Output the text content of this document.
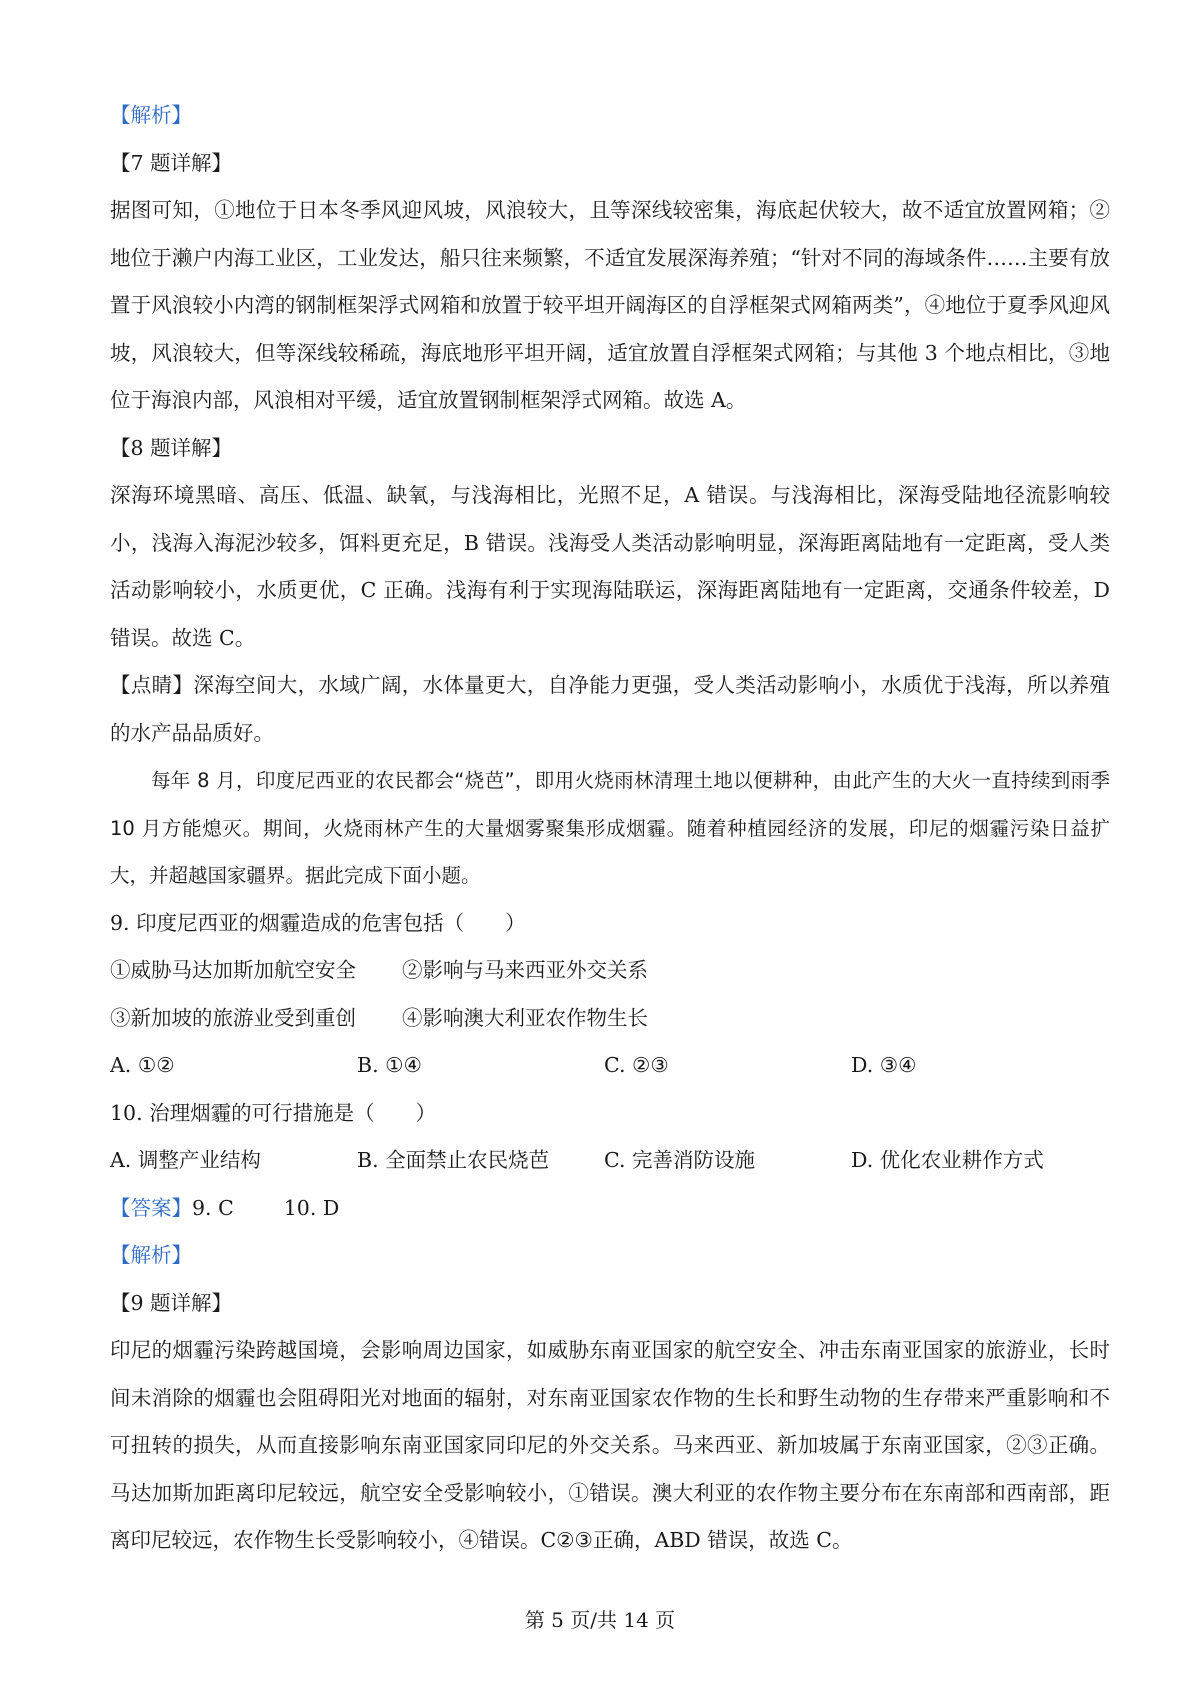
【解析】

【7 题详解】

据图可知，①地位于日本冬季风迎风坡，风浪较大，且等深线较密集，海底起伏较大，故不适宜放置网箱；②地位于濑户内海工业区，工业发达，船只往来频繁，不适宜发展深海养殖；“针对不同的海域条件……主要有放置于风浪较小内湾的钢制框架浮式网箱和放置于较平坦开阔海区的自浮框架式网箱两类”，④地位于夏季风迎风坡，风浪较大，但等深线较稀疏，海底地形平坦开阔，适宜放置自浮框架式网箱；与其他 3 个地点相比，③地位于海浪内部，风浪相对平缓，适宜放置钢制框架浮式网箱。故选 A。

【8 题详解】

深海环境黑暗、高压、低温、缺氧，与浅海相比，光照不足，A 错误。与浅海相比，深海受陆地径流影响较小，浅海入海泥沙较多，饵料更充足，B 错误。浅海受人类活动影响明显，深海距离陆地有一定距离，受人类活动影响较小，水质更优，C 正确。浅海有利于实现海陆联运，深海距离陆地有一定距离，交通条件较差，D 错误。故选 C。

【点睛】深海空间大，水域广阔，水体量更大，自净能力更强，受人类活动影响小，水质优于浅海，所以养殖的水产品品质好。

每年 8 月，印度尼西亚的农民都会“烧芭”，即用火烧雨林清理土地以便耕种，由此产生的大火一直持续到雨季 10 月方能熄灭。期间，火烧雨林产生的大量烟雾聚集形成烟霾。随着种植园经济的发展，印尼的烟霾污染日益扩大，并超越国家疆界。据此完成下面小题。

9. 印度尼西亚的烟霾造成的危害包括（　　）

①威胁马达加斯加航空安全	②影响与马来西亚外交关系
③新加坡的旅游业受到重创	④影响澳大利亚农作物生长
A. ①②	B. ①④	C. ②③	D. ③④

10. 治理烟霾的可行措施是（　　）

A. 调整产业结构	B. 全面禁止农民烧芭	C. 完善消防设施	D. 优化农业耕作方式

【答案】9. C 10. D

【解析】

【9 题详解】

印尼的烟霾污染跨越国境，会影响周边国家，如威胁东南亚国家的航空安全、冲击东南亚国家的旅游业，长时间未消除的烟霾也会阻碍阳光对地面的辐射，对东南亚国家农作物的生长和野生动物的生存带来严重影响和不可扭转的损失，从而直接影响东南亚国家同印尼的外交关系。马来西亚、新加坡属于东南亚国家，②③正确。马达加斯加距离印尼较远，航空安全受影响较小，①错误。澳大利亚的农作物主要分布在东南部和西南部，距离印尼较远，农作物生长受影响较小，④错误。C②③正确，ABD 错误，故选 C。

第 5 页/共 14 页
